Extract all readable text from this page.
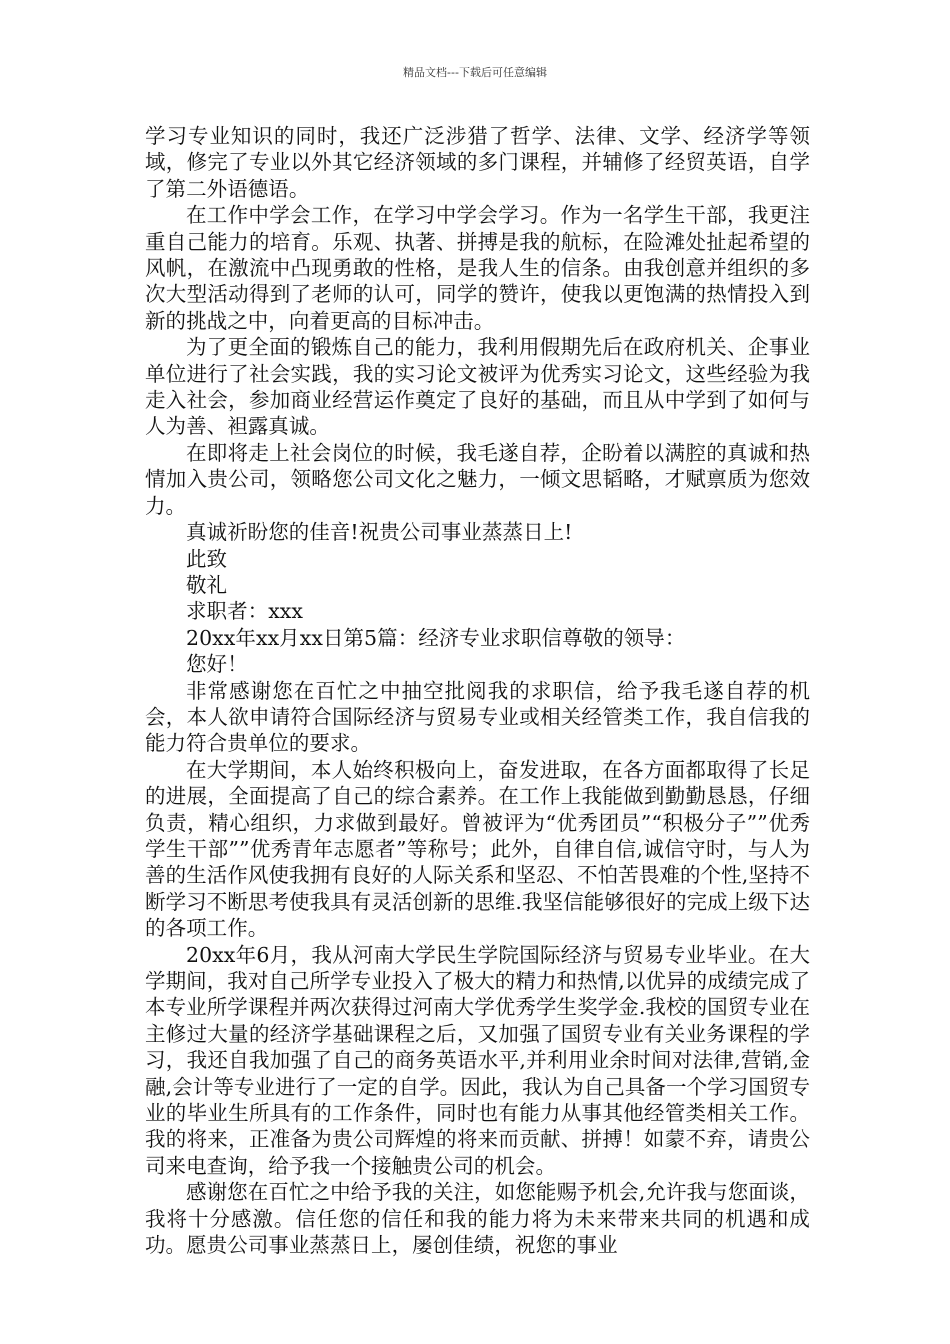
精品文档---下载后可任意编辑

学习专业知识的同时，我还广泛涉猎了哲学、法律、文学、经济学等领域，修完了专业以外其它经济领域的多门课程，并辅修了经贸英语，自学了第二外语德语。

在工作中学会工作，在学习中学会学习。作为一名学生干部，我更注重自己能力的培育。乐观、执著、拼搏是我的航标，在险滩处扯起希望的风帆，在激流中凸现勇敢的性格，是我人生的信条。由我创意并组织的多次大型活动得到了老师的认可，同学的赞许，使我以更饱满的热情投入到新的挑战之中，向着更高的目标冲击。

为了更全面的锻炼自己的能力，我利用假期先后在政府机关、企事业单位进行了社会实践，我的实习论文被评为优秀实习论文，这些经验为我走入社会，参加商业经营运作奠定了良好的基础，而且从中学到了如何与人为善、袒露真诚。

在即将走上社会岗位的时候，我毛遂自荐，企盼着以满腔的真诚和热情加入贵公司，领略您公司文化之魅力，一倾文思韬略，才赋禀质为您效力。

真诚祈盼您的佳音!祝贵公司事业蒸蒸日上!

此致

敬礼

求职者：xxx

20xx年xx月xx日第5篇：经济专业求职信尊敬的领导：

您好！

非常感谢您在百忙之中抽空批阅我的求职信，给予我毛遂自荐的机会，本人欲申请符合国际经济与贸易专业或相关经管类工作，我自信我的能力符合贵单位的要求。

在大学期间，本人始终积极向上，奋发进取，在各方面都取得了长足的进展，全面提高了自己的综合素养。在工作上我能做到勤勤恳恳，仔细负责，精心组织，力求做到最好。曾被评为“优秀团员”“积极分子””优秀学生干部””优秀青年志愿者”等称号；此外，自律自信,诚信守时，与人为善的生活作风使我拥有良好的人际关系和坚忍、不怕苦畏难的个性,坚持不断学习不断思考使我具有灵活创新的思维.我坚信能够很好的完成上级下达的各项工作。

20xx年6月，我从河南大学民生学院国际经济与贸易专业毕业。在大学期间，我对自己所学专业投入了极大的精力和热情,以优异的成绩完成了本专业所学课程并两次获得过河南大学优秀学生奖学金.我校的国贸专业在主修过大量的经济学基础课程之后，又加强了国贸专业有关业务课程的学习，我还自我加强了自己的商务英语水平,并利用业余时间对法律,营销,金融,会计等专业进行了一定的自学。因此，我认为自己具备一个学习国贸专业的毕业生所具有的工作条件，同时也有能力从事其他经管类相关工作。我的将来，正准备为贵公司辉煌的将来而贡献、拼搏！如蒙不弃，请贵公司来电查询，给予我一个接触贵公司的机会。

感谢您在百忙之中给予我的关注，如您能赐予机会,允许我与您面谈，我将十分感激。信任您的信任和我的能力将为未来带来共同的机遇和成功。愿贵公司事业蒸蒸日上，屡创佳绩，祝您的事业
